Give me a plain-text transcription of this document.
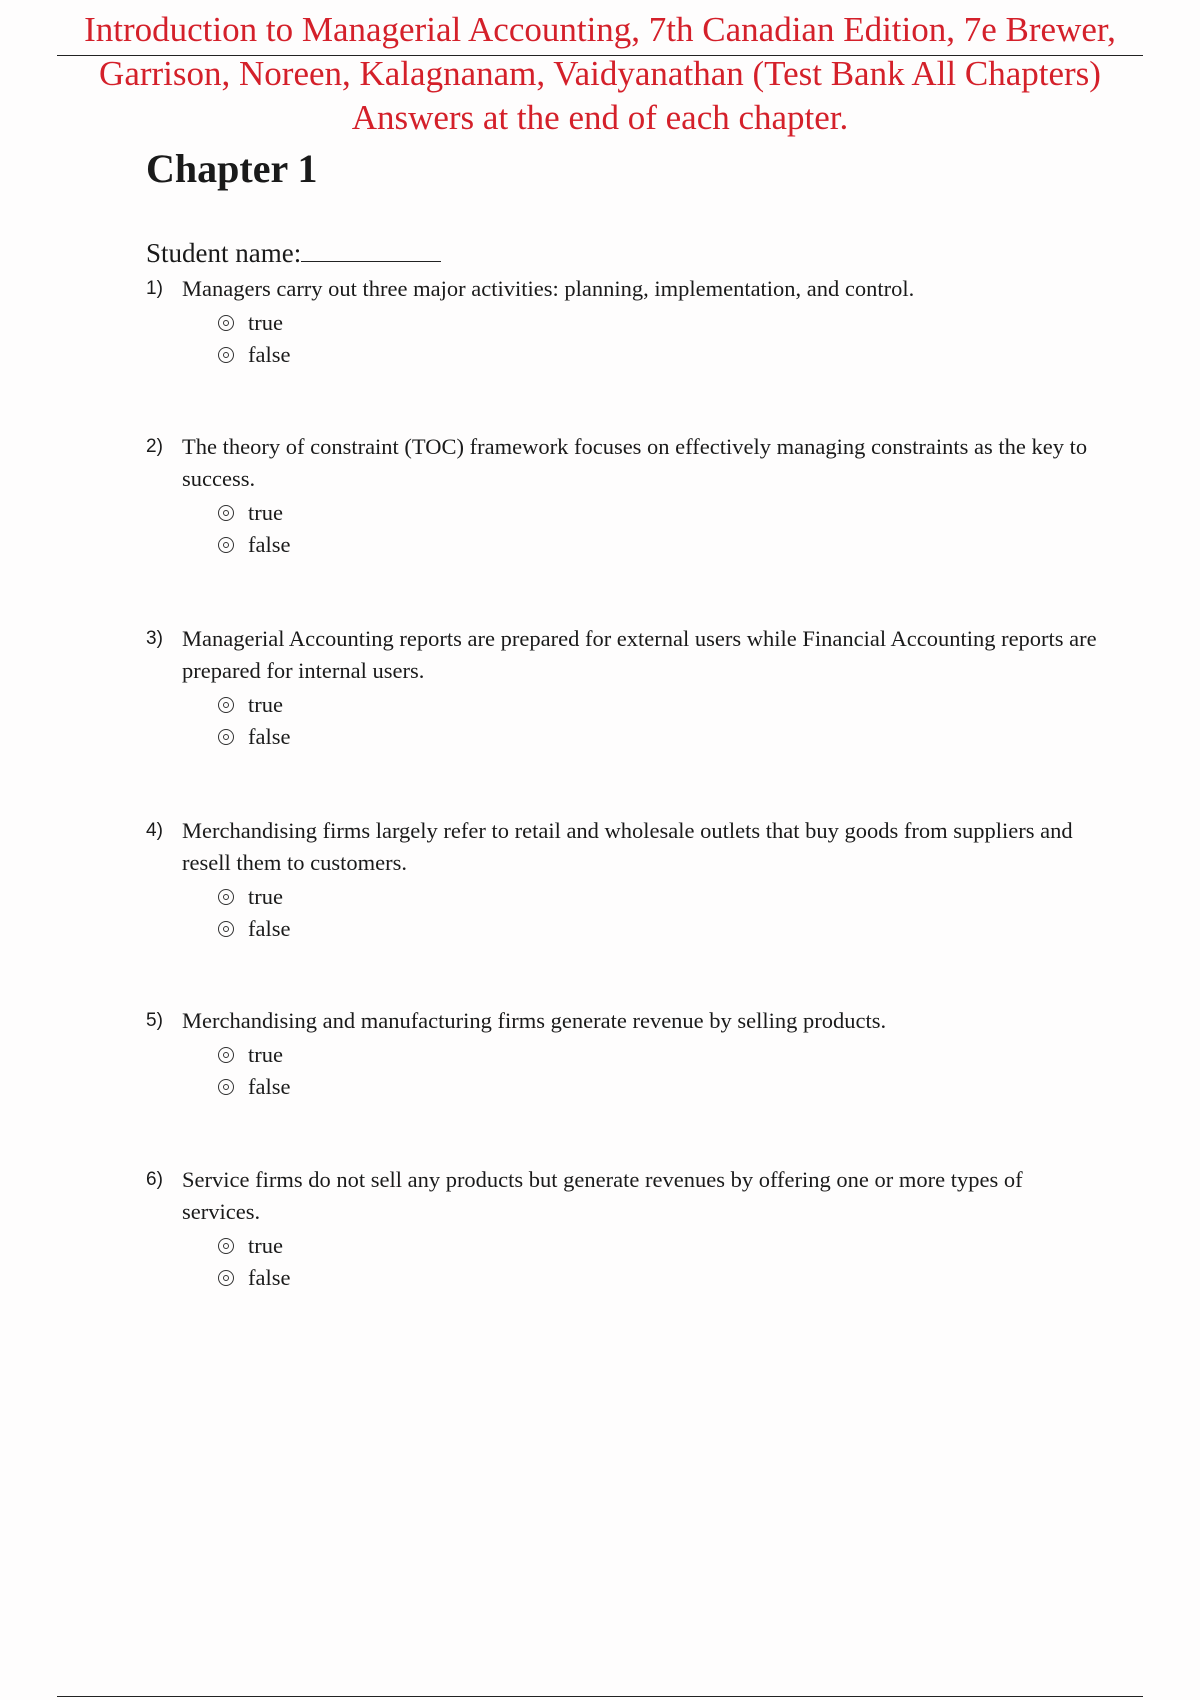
Introduction to Managerial Accounting, 7th Canadian Edition, 7e Brewer,
Garrison, Noreen, Kalagnanam, Vaidyanathan (Test Bank All Chapters)
Answers at the end of each chapter.
Chapter 1
Student name:
1) Managers carry out three major activities: planning, implementation, and control.
true
false
2) The theory of constraint (TOC) framework focuses on effectively managing constraints as the key to success.
true
false
3) Managerial Accounting reports are prepared for external users while Financial Accounting reports are prepared for internal users.
true
false
4) Merchandising firms largely refer to retail and wholesale outlets that buy goods from suppliers and resell them to customers.
true
false
5) Merchandising and manufacturing firms generate revenue by selling products.
true
false
6) Service firms do not sell any products but generate revenues by offering one or more types of services.
true
false
